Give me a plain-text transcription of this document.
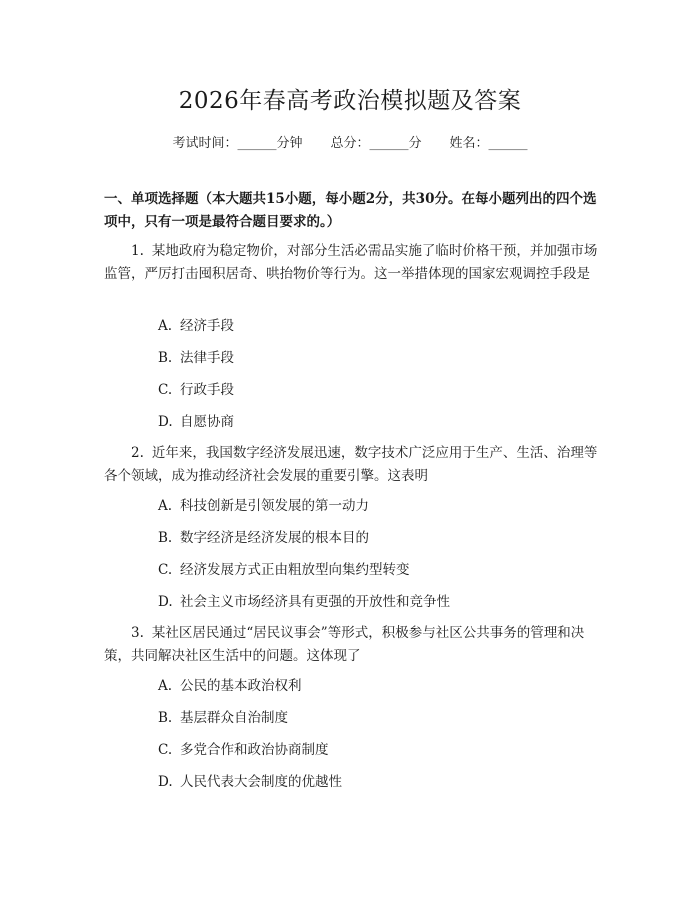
2026年春高考政治模拟题及答案
考试时间：______分钟 总分：______分 姓名：______
一、单项选择题（本大题共15小题，每小题2分，共30分。在每小题列出的四个选项中，只有一项是最符合题目要求的。）
1. 某地政府为稳定物价，对部分生活必需品实施了临时价格干预，并加强市场监管，严厉打击囤积居奇、哄抬物价等行为。这一举措体现的国家宏观调控手段是
A. 经济手段
B. 法律手段
C. 行政手段
D. 自愿协商
2. 近年来，我国数字经济发展迅速，数字技术广泛应用于生产、生活、治理等各个领域，成为推动经济社会发展的重要引擎。这表明
A. 科技创新是引领发展的第一动力
B. 数字经济是经济发展的根本目的
C. 经济发展方式正由粗放型向集约型转变
D. 社会主义市场经济具有更强的开放性和竞争性
3. 某社区居民通过“居民议事会”等形式，积极参与社区公共事务的管理和决策，共同解决社区生活中的问题。这体现了
A. 公民的基本政治权利
B. 基层群众自治制度
C. 多党合作和政治协商制度
D. 人民代表大会制度的优越性
